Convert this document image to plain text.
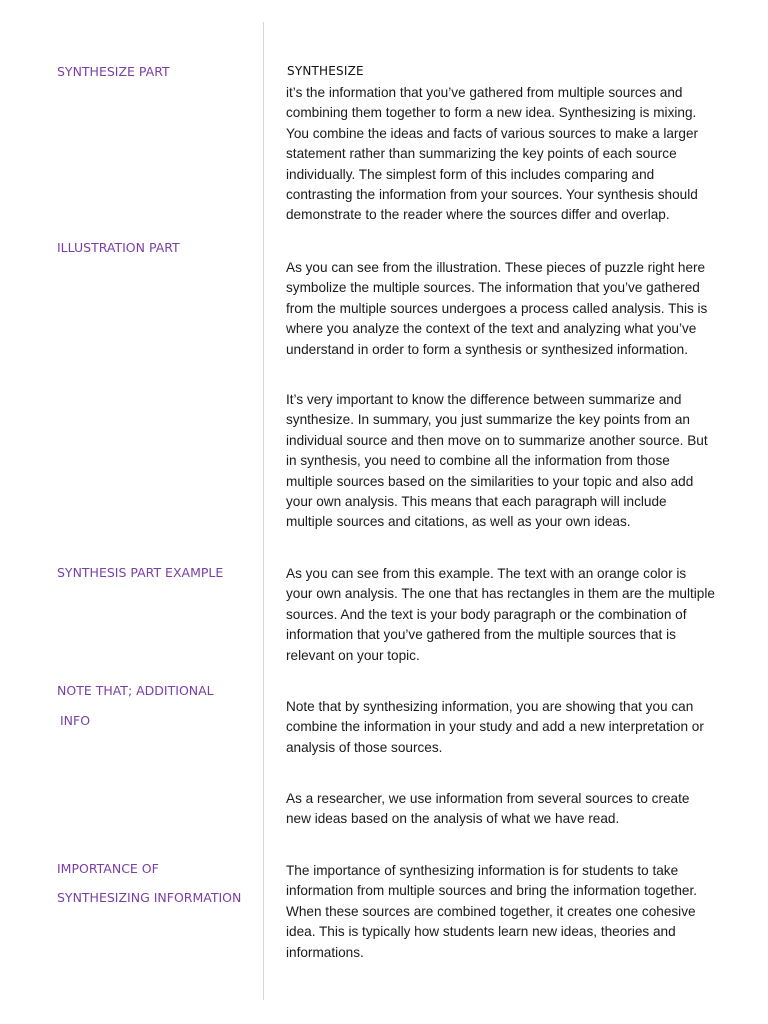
SYNTHESIZE PART
ILLUSTRATION PART
SYNTHESIS PART EXAMPLE
NOTE THAT; ADDITIONAL
INFO
IMPORTANCE OF
SYNTHESIZING INFORMATION
SYNTHESIZE
it’s the information that you’ve gathered from multiple sources and
combining them together to form a new idea. Synthesizing is mixing.
You combine the ideas and facts of various sources to make a larger
statement rather than summarizing the key points of each source
individually. The simplest form of this includes comparing and
contrasting the information from your sources. Your synthesis should
demonstrate to the reader where the sources differ and overlap.
As you can see from the illustration. These pieces of puzzle right here
symbolize the multiple sources. The information that you’ve gathered
from the multiple sources undergoes a process called analysis. This is
where you analyze the context of the text and analyzing what you’ve
understand in order to form a synthesis or synthesized information.
It’s very important to know the difference between summarize and
synthesize. In summary, you just summarize the key points from an
individual source and then move on to summarize another source. But
in synthesis, you need to combine all the information from those
multiple sources based on the similarities to your topic and also add
your own analysis. This means that each paragraph will include
multiple sources and citations, as well as your own ideas.
As you can see from this example. The text with an orange color is
your own analysis. The one that has rectangles in them are the multiple
sources. And the text is your body paragraph or the combination of
information that you’ve gathered from the multiple sources that is
relevant on your topic.
Note that by synthesizing information, you are showing that you can
combine the information in your study and add a new interpretation or
analysis of those sources.
As a researcher, we use information from several sources to create
new ideas based on the analysis of what we have read.
The importance of synthesizing information is for students to take
information from multiple sources and bring the information together.
When these sources are combined together, it creates one cohesive
idea. This is typically how students learn new ideas, theories and
informations.
